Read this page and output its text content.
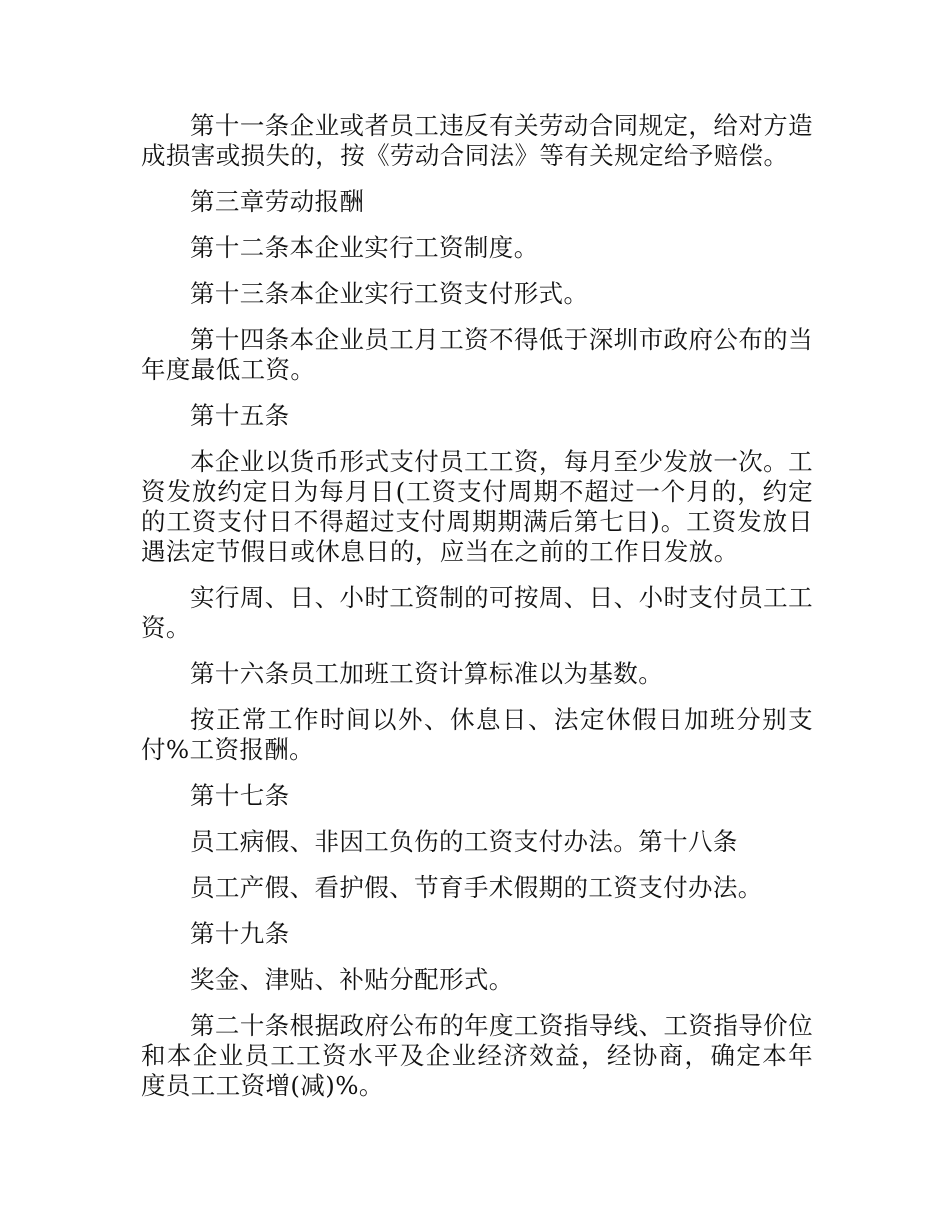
第十一条企业或者员工违反有关劳动合同规定，给对方造成损害或损失的，按《劳动合同法》等有关规定给予赔偿。

第三章劳动报酬

第十二条本企业实行工资制度。

第十三条本企业实行工资支付形式。

第十四条本企业员工月工资不得低于深圳市政府公布的当年度最低工资。

第十五条

本企业以货币形式支付员工工资，每月至少发放一次。工资发放约定日为每月日(工资支付周期不超过一个月的，约定的工资支付日不得超过支付周期期满后第七日)。工资发放日遇法定节假日或休息日的，应当在之前的工作日发放。

实行周、日、小时工资制的可按周、日、小时支付员工工资。

第十六条员工加班工资计算标准以为基数。

按正常工作时间以外、休息日、法定休假日加班分别支付%工资报酬。

第十七条

员工病假、非因工负伤的工资支付办法。第十八条

员工产假、看护假、节育手术假期的工资支付办法。

第十九条

奖金、津贴、补贴分配形式。

第二十条根据政府公布的年度工资指导线、工资指导价位和本企业员工工资水平及企业经济效益，经协商，确定本年度员工工资增(减)%。
